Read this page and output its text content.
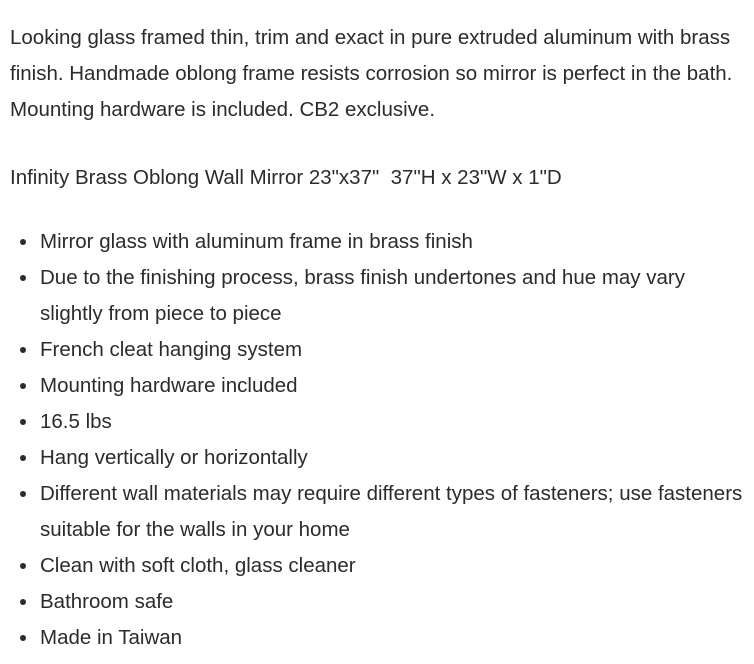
Looking glass framed thin, trim and exact in pure extruded aluminum with brass finish. Handmade oblong frame resists corrosion so mirror is perfect in the bath. Mounting hardware is included. CB2 exclusive.

Infinity Brass Oblong Wall Mirror 23"x37"  37"H x 23"W x 1"D

Mirror glass with aluminum frame in brass finish
Due to the finishing process, brass finish undertones and hue may vary slightly from piece to piece
French cleat hanging system
Mounting hardware included
16.5 lbs
Hang vertically or horizontally
Different wall materials may require different types of fasteners; use fasteners suitable for the walls in your home
Clean with soft cloth, glass cleaner
Bathroom safe
Made in Taiwan
